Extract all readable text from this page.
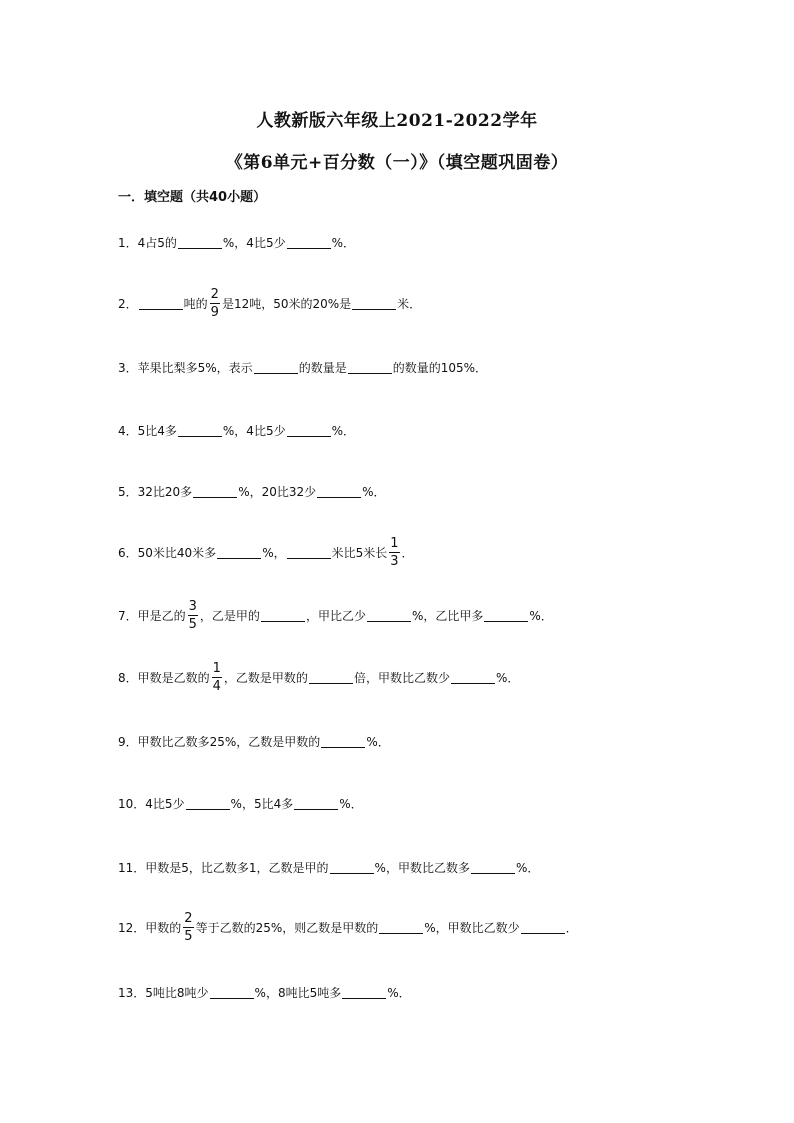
人教新版六年级上2021-2022学年
《第6单元+百分数（一）》（填空题巩固卷）
一．填空题（共40小题）
1．4占5的	%，4比5少	%．
2．	吨的 $\frac{2}{9}$ 是12吨，50米的20%是	米．
3．苹果比梨多5%，表示	的数量是	的数量的105%．
4．5比4多	%，4比5少	%．
5．32比20多	%，20比32少	%．
6．50米比40米多	%，	米比5米长 $\frac{1}{3}$ ．
7．甲是乙的 $\frac{3}{5}$ ，乙是甲的	，甲比乙少	%，乙比甲多	%．
8．甲数是乙数的 $\frac{1}{4}$ ，乙数是甲数的	倍，甲数比乙数少	%．
9．甲数比乙数多25%，乙数是甲数的	%．
10．4比5少	%，5比4多	%．
11．甲数是5，比乙数多1，乙数是甲的	%，甲数比乙数多	%．
12．甲数的 $\frac{2}{5}$ 等于乙数的25%，则乙数是甲数的	%，甲数比乙数少	．
13．5吨比8吨少	%，8吨比5吨多	%．
